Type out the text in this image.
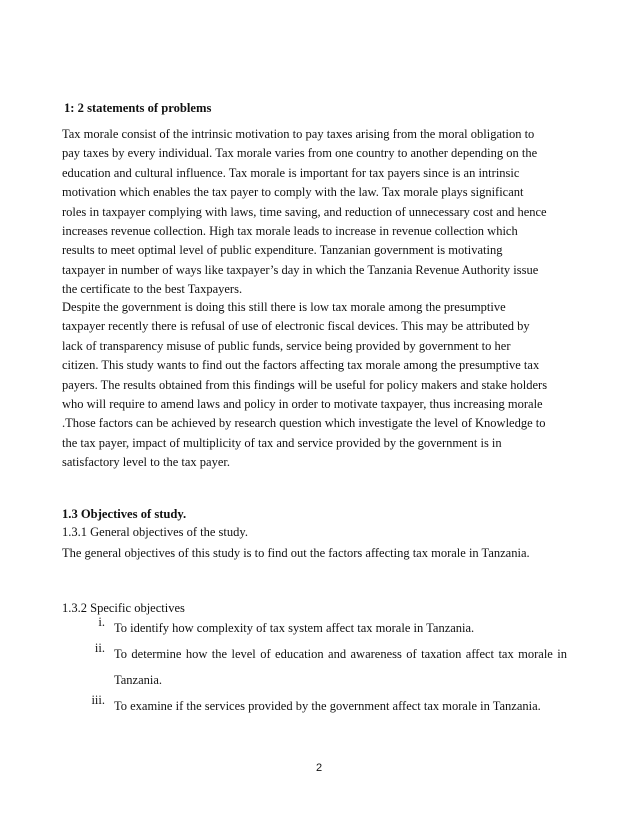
1: 2 statements of problems

Tax morale consist of the intrinsic motivation to pay taxes arising from the moral obligation to
pay taxes by every individual. Tax morale varies from one country to another depending on the
education and cultural influence. Tax morale is important for tax payers since is an intrinsic
motivation which enables the tax payer to comply with the law. Tax morale plays significant
roles in taxpayer complying with laws, time saving, and reduction of unnecessary cost and hence
increases revenue collection. High tax morale leads to increase in revenue collection which
results to meet optimal level of public expenditure. Tanzanian government is motivating
taxpayer in number of ways like taxpayer’s day in which the Tanzania Revenue Authority issue
the certificate to the best Taxpayers.

Despite the government is doing this still there is low tax morale among the presumptive
taxpayer recently there is refusal of use of electronic fiscal devices. This may be attributed by
lack of transparency misuse of public funds, service being provided by government to her
citizen. This study wants to find out the factors affecting tax morale among the presumptive tax
payers. The results obtained from this findings will be useful for policy makers and stake holders
who will require to amend laws and policy in order to motivate taxpayer, thus increasing morale
.Those factors can be achieved by research question which investigate the level of Knowledge to
the tax payer, impact of multiplicity of tax and service provided by the government is in
satisfactory level to the tax payer.

1.3 Objectives of study.

1.3.1 General objectives of the study.

The general objectives of this study is to find out the factors affecting tax morale in Tanzania.

1.3.2 Specific objectives

i. To identify how complexity of tax system affect tax morale in Tanzania.
ii. To determine how the level of education and awareness of taxation affect tax morale in
Tanzania.
iii. To examine if the services provided by the government affect tax morale in Tanzania.

2
